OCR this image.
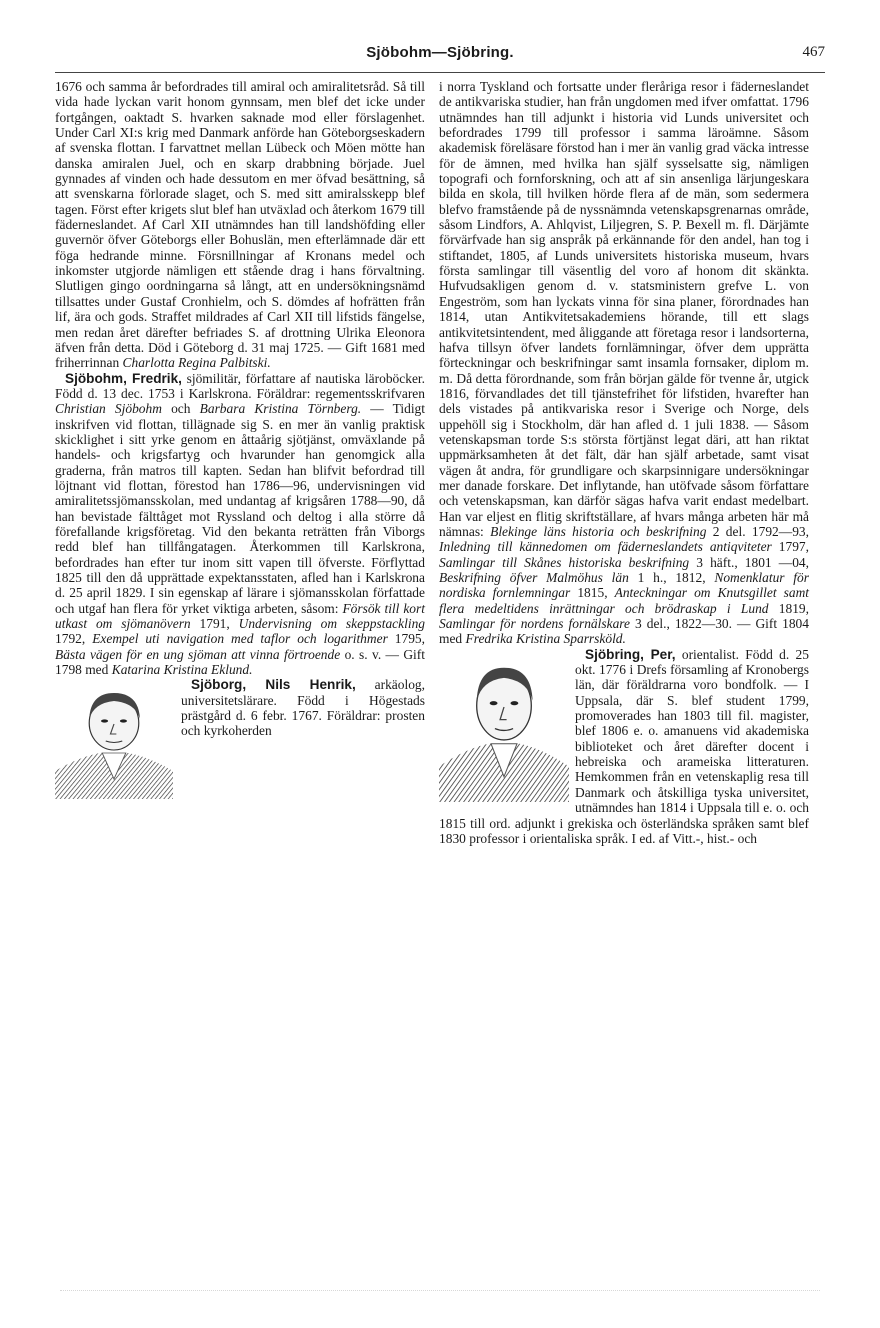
Sjöbohm—Sjöbring.	467

1676 och samma år befordrades till amiral och amiralitetsråd. Så till vida hade lyckan varit honom gynnsam, men blef det icke under fortgången, oaktadt S. hvarken saknade mod eller förslagenhet. Under Carl XI:s krig med Danmark anförde han Göteborgseskadern af svenska flottan. I farvattnet mellan Lübeck och Möen mötte han danska amiralen Juel, och en skarp drabbning började. Juel gynnades af vinden och hade dessutom en mer öfvad besättning, så att svenskarna förlorade slaget, och S. med sitt amiralsskepp blef tagen. Först efter krigets slut blef han utväxlad och återkom 1679 till fäderneslandet. Af Carl XII utnämndes han till landshöfding eller guvernör öfver Göteborgs eller Bohuslän, men efterlämnade där ett föga hedrande minne. Försnillningar af Kronans medel och inkomster utgjorde nämligen ett stående drag i hans förvaltning. Slutligen gingo oordningarna så långt, att en undersökningsnämd tillsattes under Gustaf Cronhielm, och S. dömdes af hofrätten från lif, ära och gods. Straffet mildrades af Carl XII till lifstids fängelse, men redan året därefter befriades S. af drottning Ulrika Eleonora äfven från detta. Död i Göteborg d. 31 maj 1725. — Gift 1681 med friherrinnan Charlotta Regina Palbitski.

Sjöbohm, Fredrik, sjömilitär, författare af nautiska läroböcker. Född d. 13 dec. 1753 i Karlskrona. Föräldrar: regementsskrifvaren Christian Sjöbohm och Barbara Kristina Törnberg. — Tidigt inskrifven vid flottan, tillägnade sig S. en mer än vanlig praktisk skicklighet i sitt yrke genom en åttaårig sjötjänst, omväxlande på handels- och krigsfartyg och hvarunder han genomgick alla graderna, från matros till kapten. Sedan han blifvit befordrad till löjtnant vid flottan, förestod han 1786—96, undervisningen vid amiralitetssjömansskolan, med undantag af krigsåren 1788—90, då han bevistade fälttåget mot Ryssland och deltog i alla större då förefallande krigsföretag. Vid den bekanta reträtten från Viborgs redd blef han tillfångatagen. Återkommen till Karlskrona, befordrades han efter tur inom sitt vapen till öfverste. Förflyttad 1825 till den då upprättade expektansstaten, afled han i Karlskrona d. 25 april 1829. I sin egenskap af lärare i sjömansskolan författade och utgaf han flera för yrket viktiga arbeten, såsom: Försök till kort utkast om sjömanövern 1791, Undervisning om skeppstackling 1792, Exempel uti navigation med taflor och logarithmer 1795, Bästa vägen för en ung sjöman att vinna förtroende o. s. v. — Gift 1798 med Katarina Kristina Eklund.

Sjöborg, Nils Henrik,
arkäolog, universitetslärare. Född i Högestads prästgård d. 6 febr. 1767. Föräldrar: prosten och kyrkoherden

i norra Tyskland och fortsatte under fleråriga resor i fäderneslandet de antikvariska studier, han från ungdomen med ifver omfattat. 1796 utnämndes han till adjunkt i historia vid Lunds universitet och befordrades 1799 till professor i samma läroämne. Såsom akademisk föreläsare förstod han i mer än vanlig grad väcka intresse för de ämnen, med hvilka han själf sysselsatte sig, nämligen topografi och fornforskning, och att af sin ansenliga lärjungeskara bilda en skola, till hvilken hörde flera af de män, som sedermera blefvo framstående på de nyssnämnda vetenskapsgrenarnas område, såsom Lindfors, A. Ahlqvist, Liljegren, S. P. Bexell m. fl. Därjämte förvärfvade han sig anspråk på erkännande för den andel, han tog i stiftandet, 1805, af Lunds universitets historiska museum, hvars första samlingar till väsentlig del voro af honom dit skänkta. Hufvudsakligen genom d. v. statsministern grefve L. von Engeström, som han lyckats vinna för sina planer, förordnades han 1814, utan Antikvitetsakademiens hörande, till ett slags antikvitetsintendent, med åliggande att företaga resor i landsorterna, hafva tillsyn öfver landets fornlämningar, öfver dem upprätta förteckningar och beskrifningar samt insamla fornsaker, diplom m. m. Då detta förordnande, som från början gälde för tvenne år, utgick 1816, förvandlades det till tjänstefrihet för lifstiden, hvarefter han dels vistades på antikvariska resor i Sverige och Norge, dels uppehöll sig i Stockholm, där han afled d. 1 juli 1838. — Såsom vetenskapsman torde S:s största förtjänst legat däri, att han riktat uppmärksamheten åt det fält, där han själf arbetade, samt visat vägen åt andra, för grundligare och skarpsinnigare undersökningar mer danade forskare. Det inflytande, han utöfvade såsom författare och vetenskapsman, kan därför sägas hafva varit endast medelbart. Han var eljest en flitig skriftställare, af hvars många arbeten här må nämnas: Blekinge läns historia och beskrifning 2 del. 1792—93, Inledning till kännedomen om fäderneslandets antiqviteter 1797, Samlingar till Skånes historiska beskrifning 3 häft., 1801 —04, Beskrifning öfver Malmöhus län 1 h., 1812, Nomenklatur för nordiska fornlemningar 1815, Anteckningar om Knutsgillet samt flera medeltidens inrättningar och brödraskap i Lund 1819, Samlingar för nordens fornälskare 3 del., 1822—30. — Gift 1804 med Fredrika Kristina Sparrsköld.

Sjöbring, Per,
orientalist. Född d. 25 okt. 1776 i Drefs församling af Kronobergs län, där föräldrarna voro bondfolk. — I Uppsala, där S. blef student 1799, promoverades han 1803 till fil. magister, blef 1806 e. o. amanuens vid akademiska biblioteket och året därefter docent i hebreiska och arameiska litteraturen. Hemkommen från en vetenskaplig resa till Danmark och åtskilliga tyska universitet, utnämndes han 1814 i Uppsala till e. o. och 1815 till ord. adjunkt i grekiska och österländska språken samt blef 1830 professor i orientaliska språk. I ed. af Vitt.-, hist.- och
